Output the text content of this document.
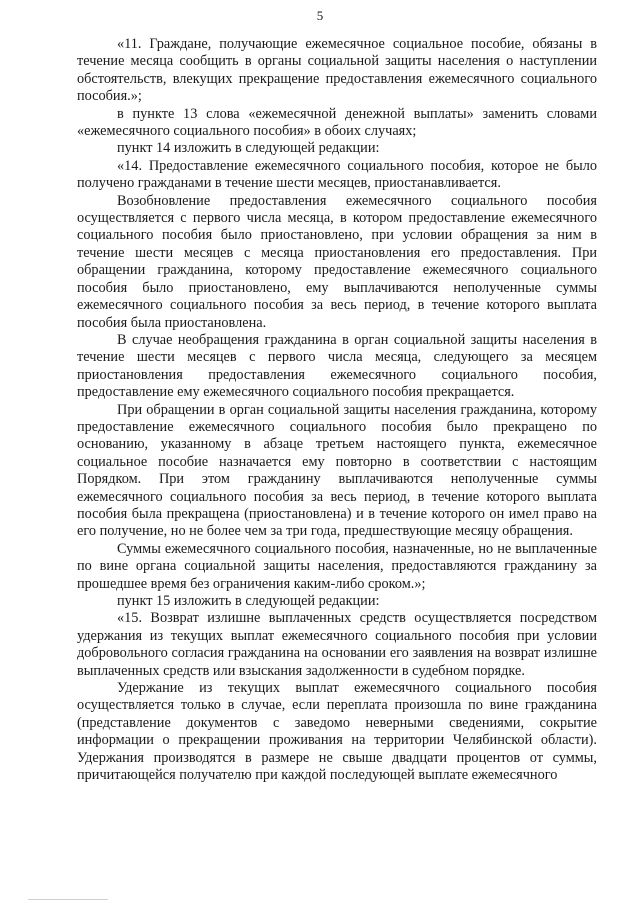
5

«11. Граждане, получающие ежемесячное социальное пособие, обязаны в течение месяца сообщить в органы социальной защиты населения о наступлении обстоятельств, влекущих прекращение предоставления ежемесячного социального пособия.»;

в пункте 13 слова «ежемесячной денежной выплаты» заменить словами «ежемесячного социального пособия» в обоих случаях;

пункт 14 изложить в следующей редакции:

«14. Предоставление ежемесячного социального пособия, которое не было получено гражданами в течение шести месяцев, приостанавливается.

Возобновление предоставления ежемесячного социального пособия осуществляется с первого числа месяца, в котором предоставление ежемесячного социального пособия было приостановлено, при условии обращения за ним в течение шести месяцев с месяца приостановления его предоставления. При обращении гражданина, которому предоставление ежемесячного социального пособия было приостановлено, ему выплачиваются неполученные суммы ежемесячного социального пособия за весь период, в течение которого выплата пособия была приостановлена.

В случае необращения гражданина в орган социальной защиты населения в течение шести месяцев с первого числа месяца, следующего за месяцем приостановления предоставления ежемесячного социального пособия, предоставление ему ежемесячного социального пособия прекращается.

При обращении в орган социальной защиты населения гражданина, которому предоставление ежемесячного социального пособия было прекращено по основанию, указанному в абзаце третьем настоящего пункта, ежемесячное социальное пособие назначается ему повторно в соответствии с настоящим Порядком. При этом гражданину выплачиваются неполученные суммы ежемесячного социального пособия за весь период, в течение которого выплата пособия была прекращена (приостановлена) и в течение которого он имел право на его получение, но не более чем за три года, предшествующие месяцу обращения.

Суммы ежемесячного социального пособия, назначенные, но не выплаченные по вине органа социальной защиты населения, предоставляются гражданину за прошедшее время без ограничения каким-либо сроком.»;

пункт 15 изложить в следующей редакции:

«15. Возврат излишне выплаченных средств осуществляется посредством удержания из текущих выплат ежемесячного социального пособия при условии добровольного согласия гражданина на основании его заявления на возврат излишне выплаченных средств или взыскания задолженности в судебном порядке.

Удержание из текущих выплат ежемесячного социального пособия осуществляется только в случае, если переплата произошла по вине гражданина (представление документов с заведомо неверными сведениями, сокрытие информации о прекращении проживания на территории Челябинской области). Удержания производятся в размере не свыше двадцати процентов от суммы, причитающейся получателю при каждой последующей выплате ежемесячного
